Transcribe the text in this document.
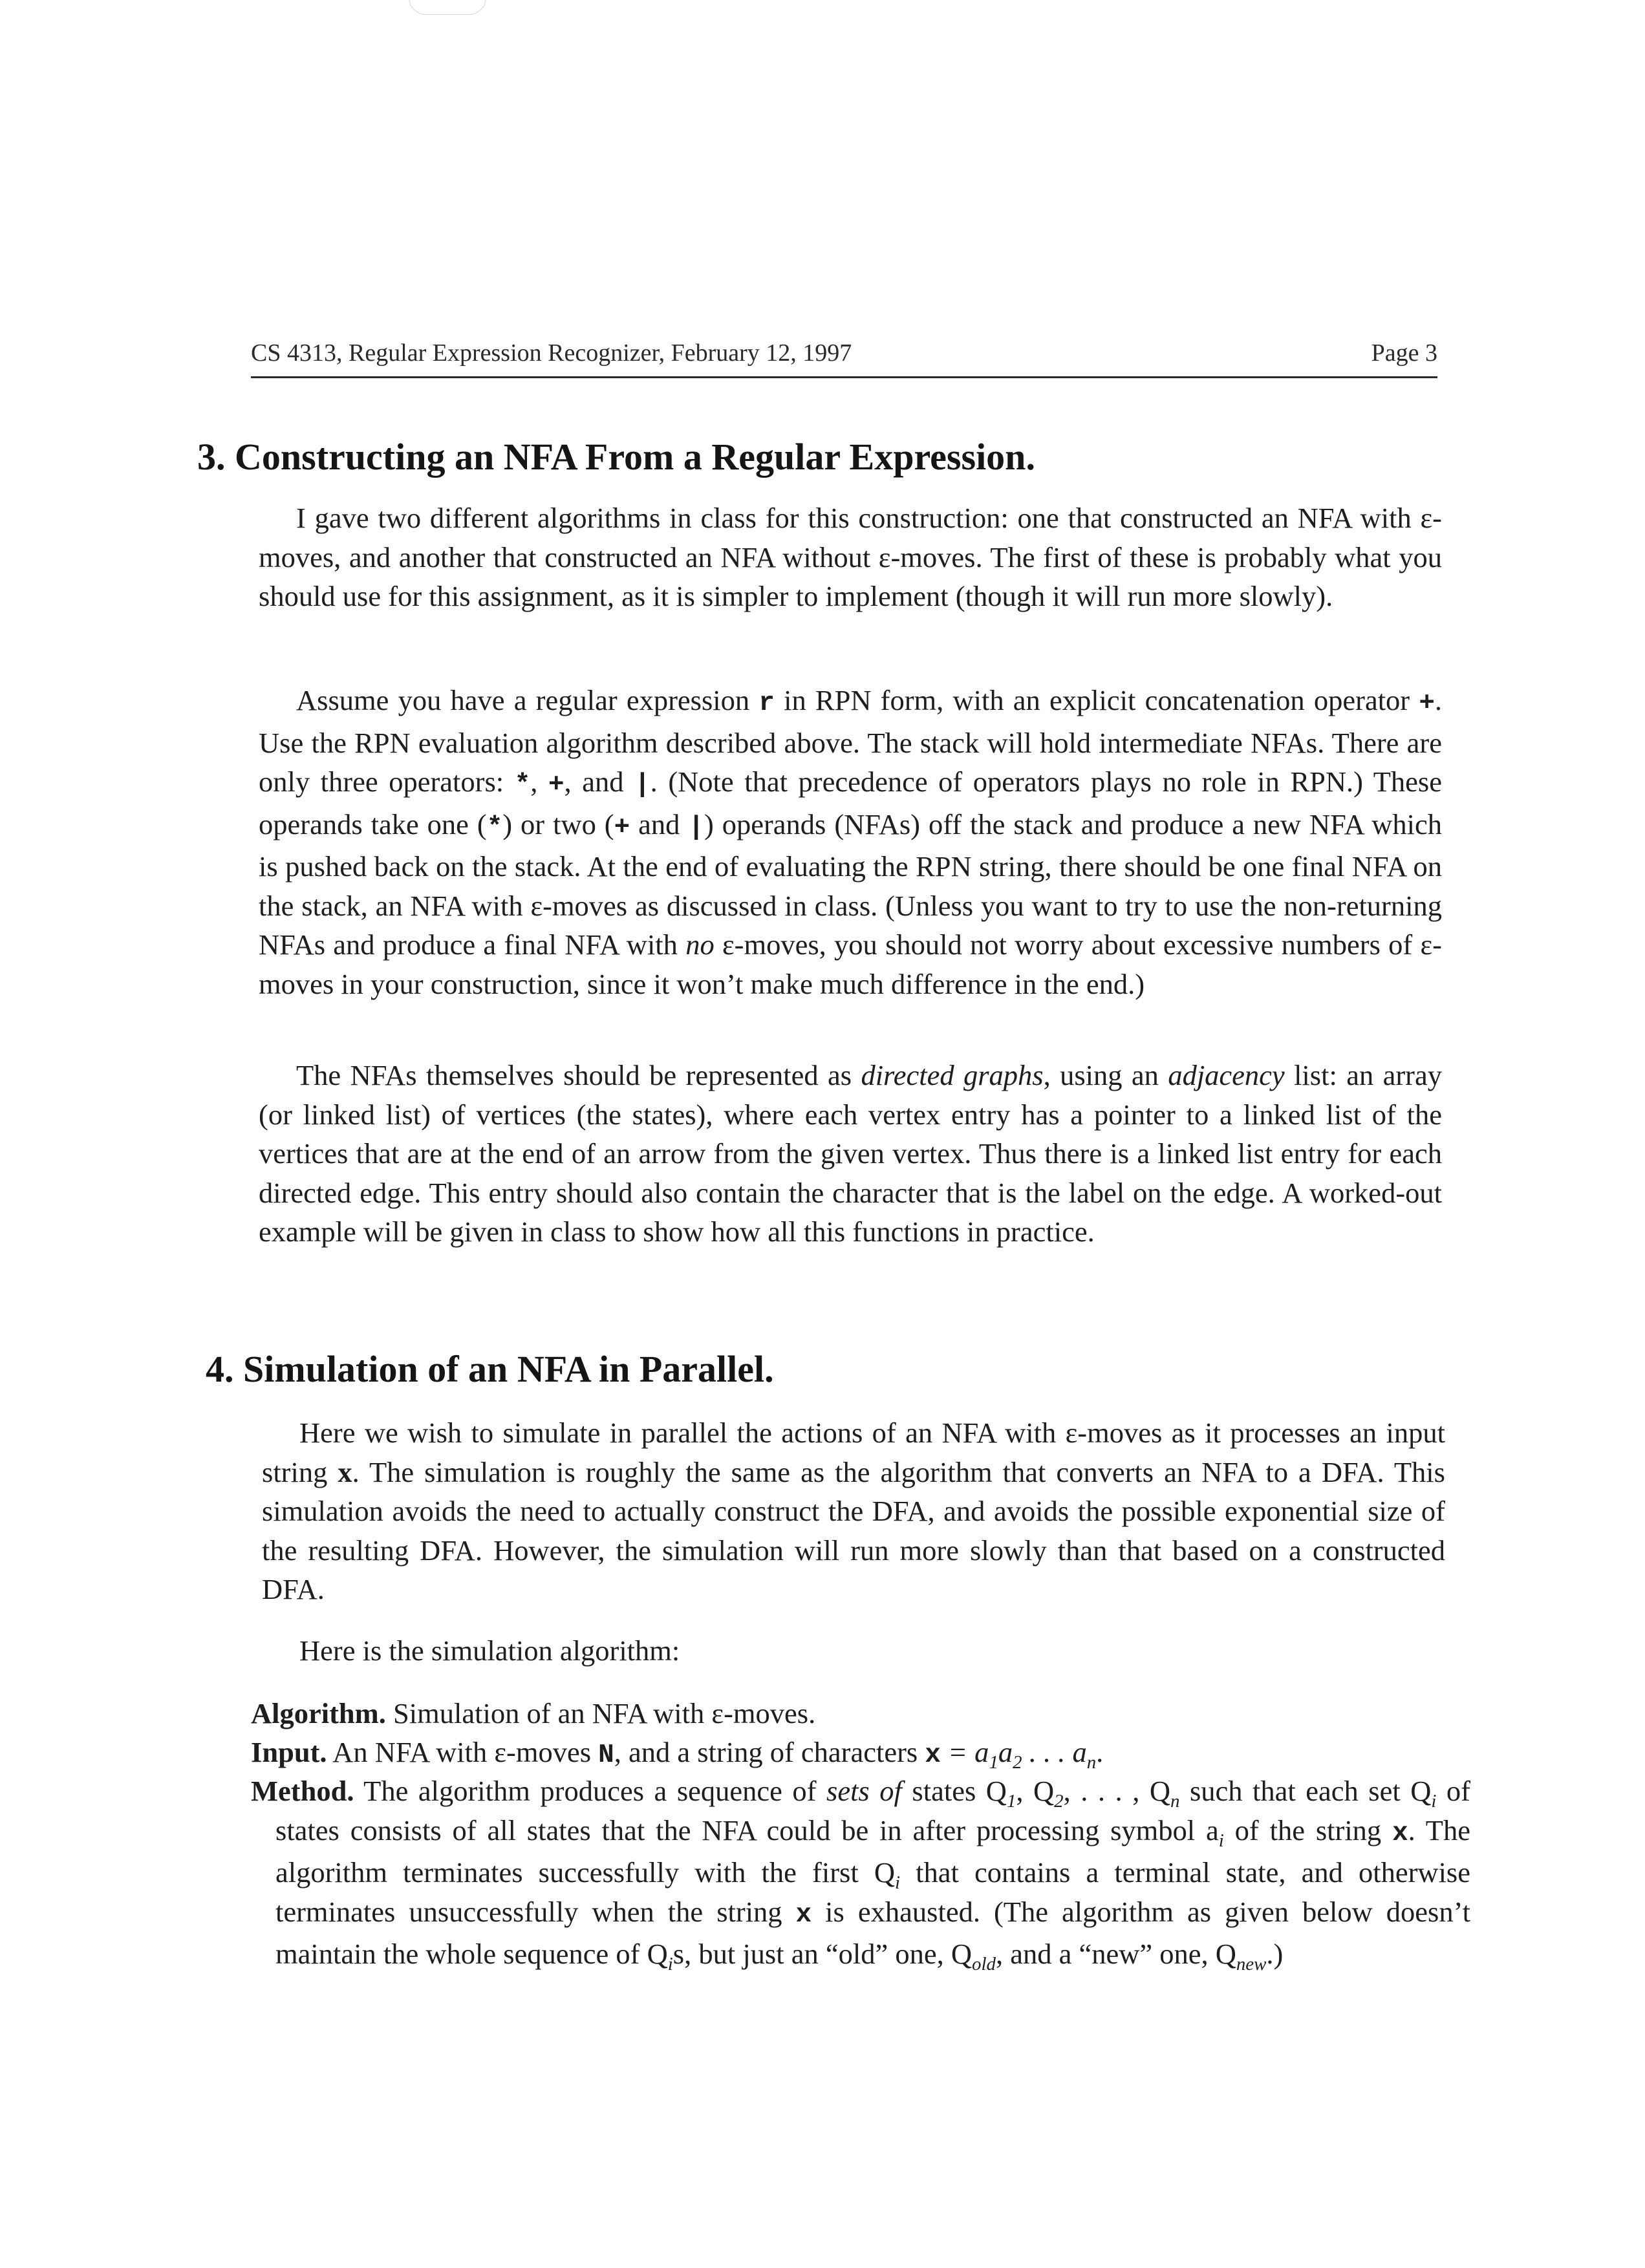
CS 4313, Regular Expression Recognizer, February 12, 1997	Page 3
3. Constructing an NFA From a Regular Expression.

I gave two different algorithms in class for this construction: one that constructed an NFA with ε-moves, and another that constructed an NFA without ε-moves. The first of these is probably what you should use for this assignment, as it is simpler to implement (though it will run more slowly).

Assume you have a regular expression r in RPN form, with an explicit concatenation operator +. Use the RPN evaluation algorithm described above. The stack will hold intermediate NFAs. There are only three operators: *, +, and |. (Note that precedence of operators plays no role in RPN.) These operands take one (*) or two (+ and |) operands (NFAs) off the stack and produce a new NFA which is pushed back on the stack. At the end of evaluating the RPN string, there should be one final NFA on the stack, an NFA with ε-moves as discussed in class. (Unless you want to try to use the non-returning NFAs and produce a final NFA with no ε-moves, you should not worry about excessive numbers of ε-moves in your construction, since it won’t make much difference in the end.)

The NFAs themselves should be represented as directed graphs, using an adjacency list: an array (or linked list) of vertices (the states), where each vertex entry has a pointer to a linked list of the vertices that are at the end of an arrow from the given vertex. Thus there is a linked list entry for each directed edge. This entry should also contain the character that is the label on the edge. A worked-out example will be given in class to show how all this functions in practice.

4. Simulation of an NFA in Parallel.

Here we wish to simulate in parallel the actions of an NFA with ε-moves as it processes an input string x. The simulation is roughly the same as the algorithm that converts an NFA to a DFA. This simulation avoids the need to actually construct the DFA, and avoids the possible exponential size of the resulting DFA. However, the simulation will run more slowly than that based on a constructed DFA.

Here is the simulation algorithm:

Algorithm. Simulation of an NFA with ε-moves.

Input. An NFA with ε-moves N, and a string of characters $x = a_1a_2$ . . . $a_n$.

Method. The algorithm produces a sequence of sets of states $Q_1$, $Q_2$, . . . , $Q_n$ such that each set $Q_i$ of states consists of all states that the NFA could be in after processing symbol $a_i$ of the string x. The algorithm terminates successfully with the first $Q_i$ that contains a terminal state, and otherwise terminates unsuccessfully when the string x is exhausted. (The algorithm as given below doesn’t maintain the whole sequence of $Q_is$, but just an “old” one, $Q_{old}$, and a “new” one, $Q_{new}$.)
